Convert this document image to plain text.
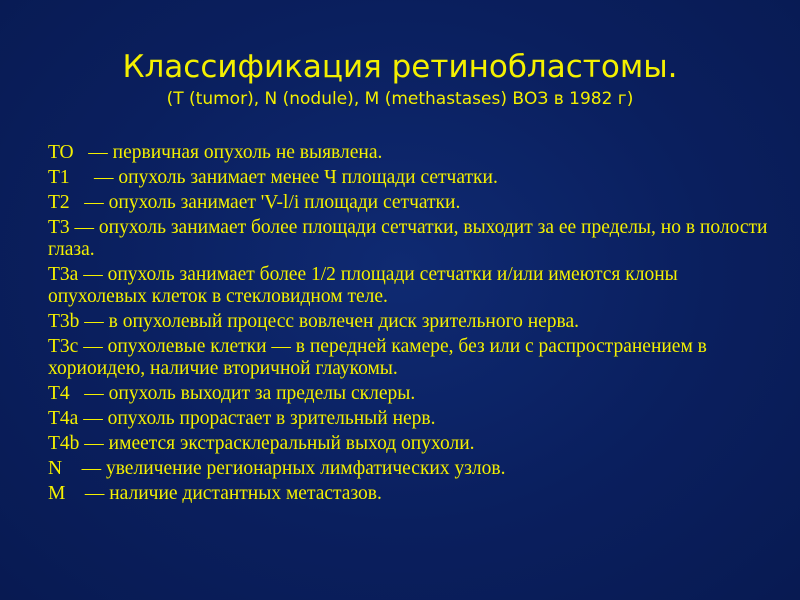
Классификация ретинобластомы.
(T (tumor), N (nodule), M (methastases) ВОЗ в 1982 г)
TO   — первичная опухоль не выявлена.
T1     — опухоль занимает менее Ч площади сетчатки.
T2   — опухоль занимает 'V-l/i площади сетчатки.
T3 — опухоль занимает более площади сетчатки, выходит за ее пределы, но в полости глаза.
T3a — опухоль занимает более 1/2 площади сетчатки и/или имеются клоны опухолевых клеток в стекловидном теле.
T3b — в опухолевый процесс вовлечен диск зрительного нерва.
T3c — опухолевые клетки — в передней камере, без или с распространением в хориоидею, наличие вторичной глаукомы.
T4   — опухоль выходит за пределы склеры.
T4a — опухоль прорастает в зрительный нерв.
T4b — имеется экстрасклеральный выход опухоли.
N    — увеличение регионарных лимфатических узлов.
M    — наличие дистантных метастазов.
